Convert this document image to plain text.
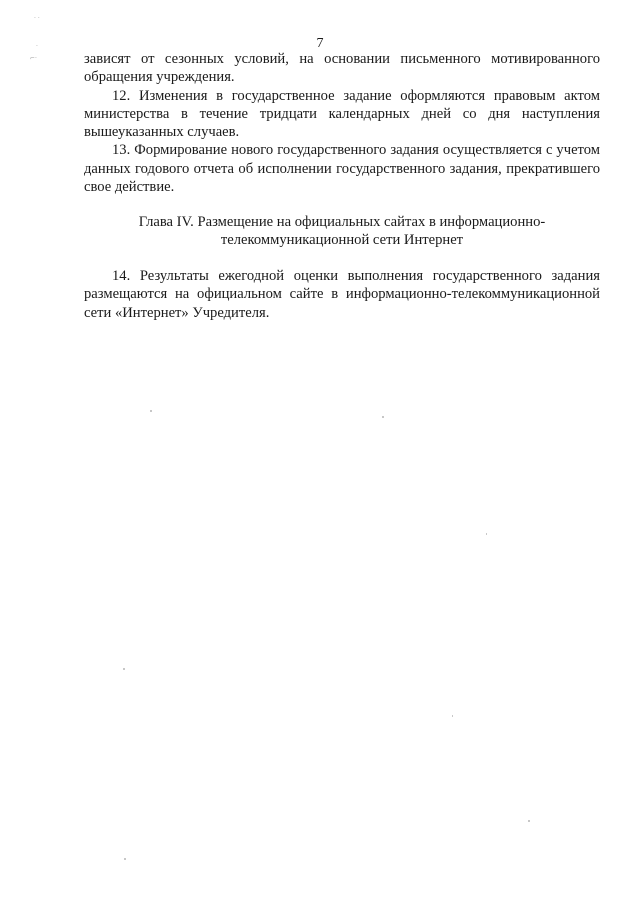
· ·
·
⌐·
7

зависят от сезонных условий, на основании письменного мотивированного обращения учреждения.

12. Изменения в государственное задание оформляются правовым актом министерства в течение тридцати календарных дней со дня наступления вышеуказанных случаев.

13. Формирование нового государственного задания осуществляется с учетом данных годового отчета об исполнении государственного задания, прекратившего свое действие.

Глава IV. Размещение на официальных сайтах в информационно-
телекоммуникационной сети Интернет

14. Результаты ежегодной оценки выполнения государственного задания размещаются на официальном сайте в информационно-телекоммуникационной сети «Интернет» Учредителя.
